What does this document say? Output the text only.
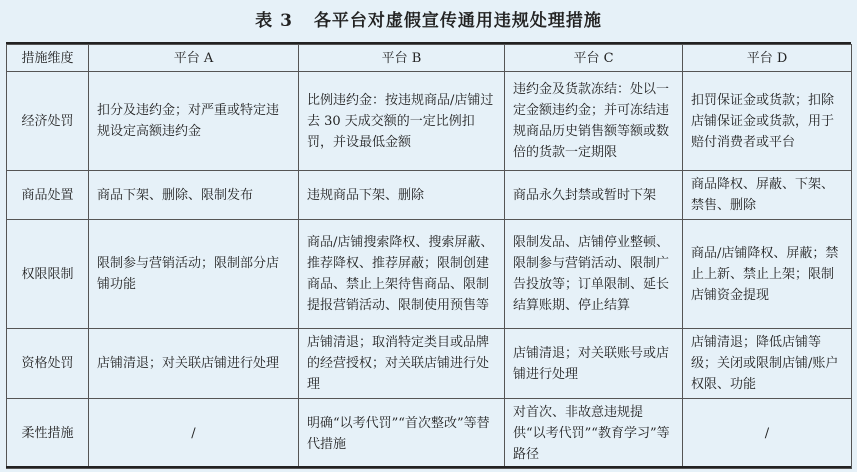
表 3 各平台对虚假宣传通用违规处理措施
措施维度	平台 A	平台 B	平台 C	平台 D
经济处罚	扣分及违约金；对严重或特定违规设定高额违约金	比例违约金：按违规商品/店铺过去 30 天成交额的一定比例扣罚，并设最低金额	违约金及货款冻结：处以一定金额违约金；并可冻结违规商品历史销售额等额或数倍的货款一定期限	扣罚保证金或货款；扣除店铺保证金或货款，用于赔付消费者或平台
商品处置	商品下架、删除、限制发布	违规商品下架、删除	商品永久封禁或暂时下架	商品降权、屏蔽、下架、禁售、删除
权限限制	限制参与营销活动；限制部分店铺功能	商品/店铺搜索降权、搜索屏蔽、推荐降权、推荐屏蔽；限制创建商品、禁止上架待售商品、限制提报营销活动、限制使用预售等	限制发品、店铺停业整顿、限制参与营销活动、限制广告投放等；订单限制、延长结算账期、停止结算	商品/店铺降权、屏蔽；禁止上新、禁止上架；限制店铺资金提现
资格处罚	店铺清退；对关联店铺进行处理	店铺清退；取消特定类目或品牌的经营授权；对关联店铺进行处理	店铺清退；对关联账号或店铺进行处理	店铺清退；降低店铺等级；关闭或限制店铺/账户权限、功能
柔性措施	/	明确“以考代罚”“首次整改”等替代措施	对首次、非故意违规提供“以考代罚”“教育学习”等路径	/
